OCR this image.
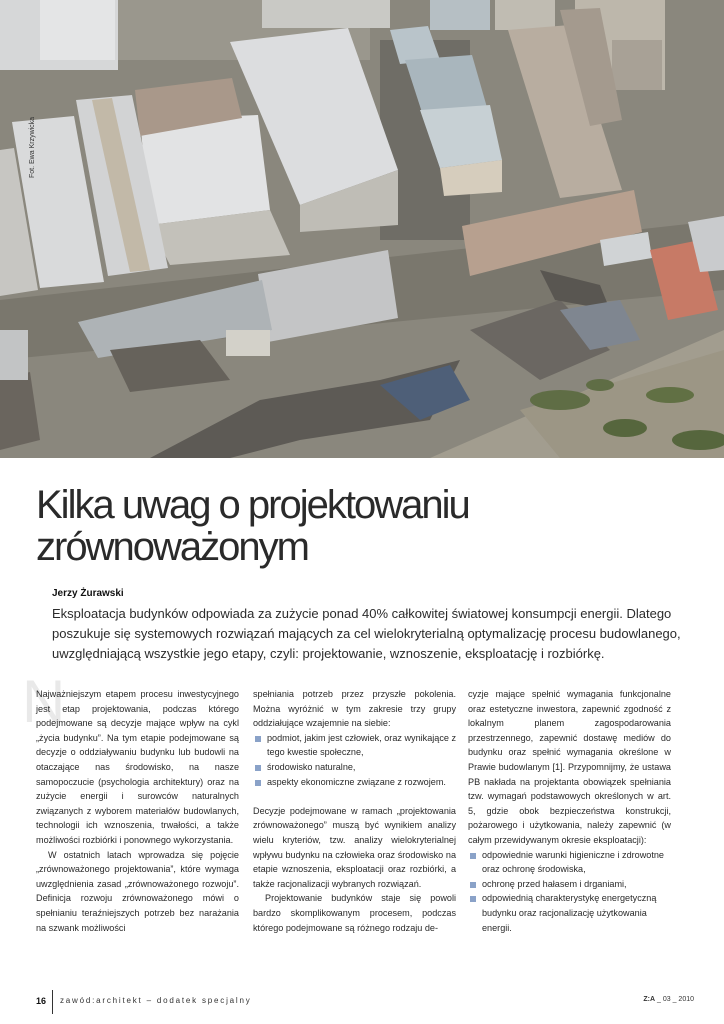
Fot. Ewa Krzywicka
Kilka uwag o projektowaniu
zrównoważonym
Jerzy Żurawski

Eksploatacja budynków odpowiada za zużycie ponad 40% całkowitej światowej konsumpcji energii. Dlatego poszukuje się systemowych rozwiązań mających za cel wielokryterialną optymalizację procesu budowlanego, uwzględniającą wszystkie jego etapy, czyli: projektowanie, wznoszenie, eksploatację i rozbiórkę.

N

Najważniejszym etapem procesu inwestycyjnego jest etap projektowania, podczas którego podejmowane są decyzje mające wpływ na cykl „życia budynku”. Na tym etapie podejmowane są decyzje o oddziaływaniu budynku lub budowli na otaczające nas środowisko, na nasze samopoczucie (psychologia architektury) oraz na zużycie energii i surowców naturalnych związanych z wyborem materiałów budowlanych, technologii ich wznoszenia, trwałości, a także możliwości rozbiórki i ponownego wykorzystania.

W ostatnich latach wprowadza się pojęcie „zrównoważonego projektowania”, które wymaga uwzględnienia zasad „zrównoważonego rozwoju”. Definicja rozwoju zrównoważonego mówi o spełnianiu teraźniejszych potrzeb bez narażania na szwank możliwości

spełniania potrzeb przez przyszłe pokolenia. Można wyróżnić w tym zakresie trzy grupy oddziałujące wzajemnie na siebie:

podmiot, jakim jest człowiek, oraz wynikające z tego kwestie społeczne,
środowisko naturalne,
aspekty ekonomiczne związane z rozwojem.

Decyzje podejmowane w ramach „projektowania zrównoważonego” muszą być wynikiem analizy wielu kryteriów, tzw. analizy wielokryterialnej wpływu budynku na człowieka oraz środowisko na etapie wznoszenia, eksploatacji oraz rozbiórki, a także racjonalizacji wybranych rozwiązań.

Projektowanie budynków staje się powoli bardzo skomplikowanym procesem, podczas którego podejmowane są różnego rodzaju de-

cyzje mające spełnić wymagania funkcjonalne oraz estetyczne inwestora, zapewnić zgodność z lokalnym planem zagospodarowania przestrzennego, zapewnić dostawę mediów do budynku oraz spełnić wymagania określone w Prawie budowlanym [1]. Przypomnijmy, że ustawa PB nakłada na projektanta obowiązek spełniania tzw. wymagań podstawowych określonych w art. 5, gdzie obok bezpieczeństwa konstrukcji, pożarowego i użytkowania, należy zapewnić (w całym przewidywanym okresie eksploatacji):

odpowiednie warunki higieniczne i zdrowotne oraz ochronę środowiska,
ochronę przed hałasem i drganiami,
odpowiednią charakterystykę energetyczną budynku oraz racjonalizację użytkowania energii.
16 zawód:architekt – dodatek specjalny	Z:A _ 03 _ 2010
